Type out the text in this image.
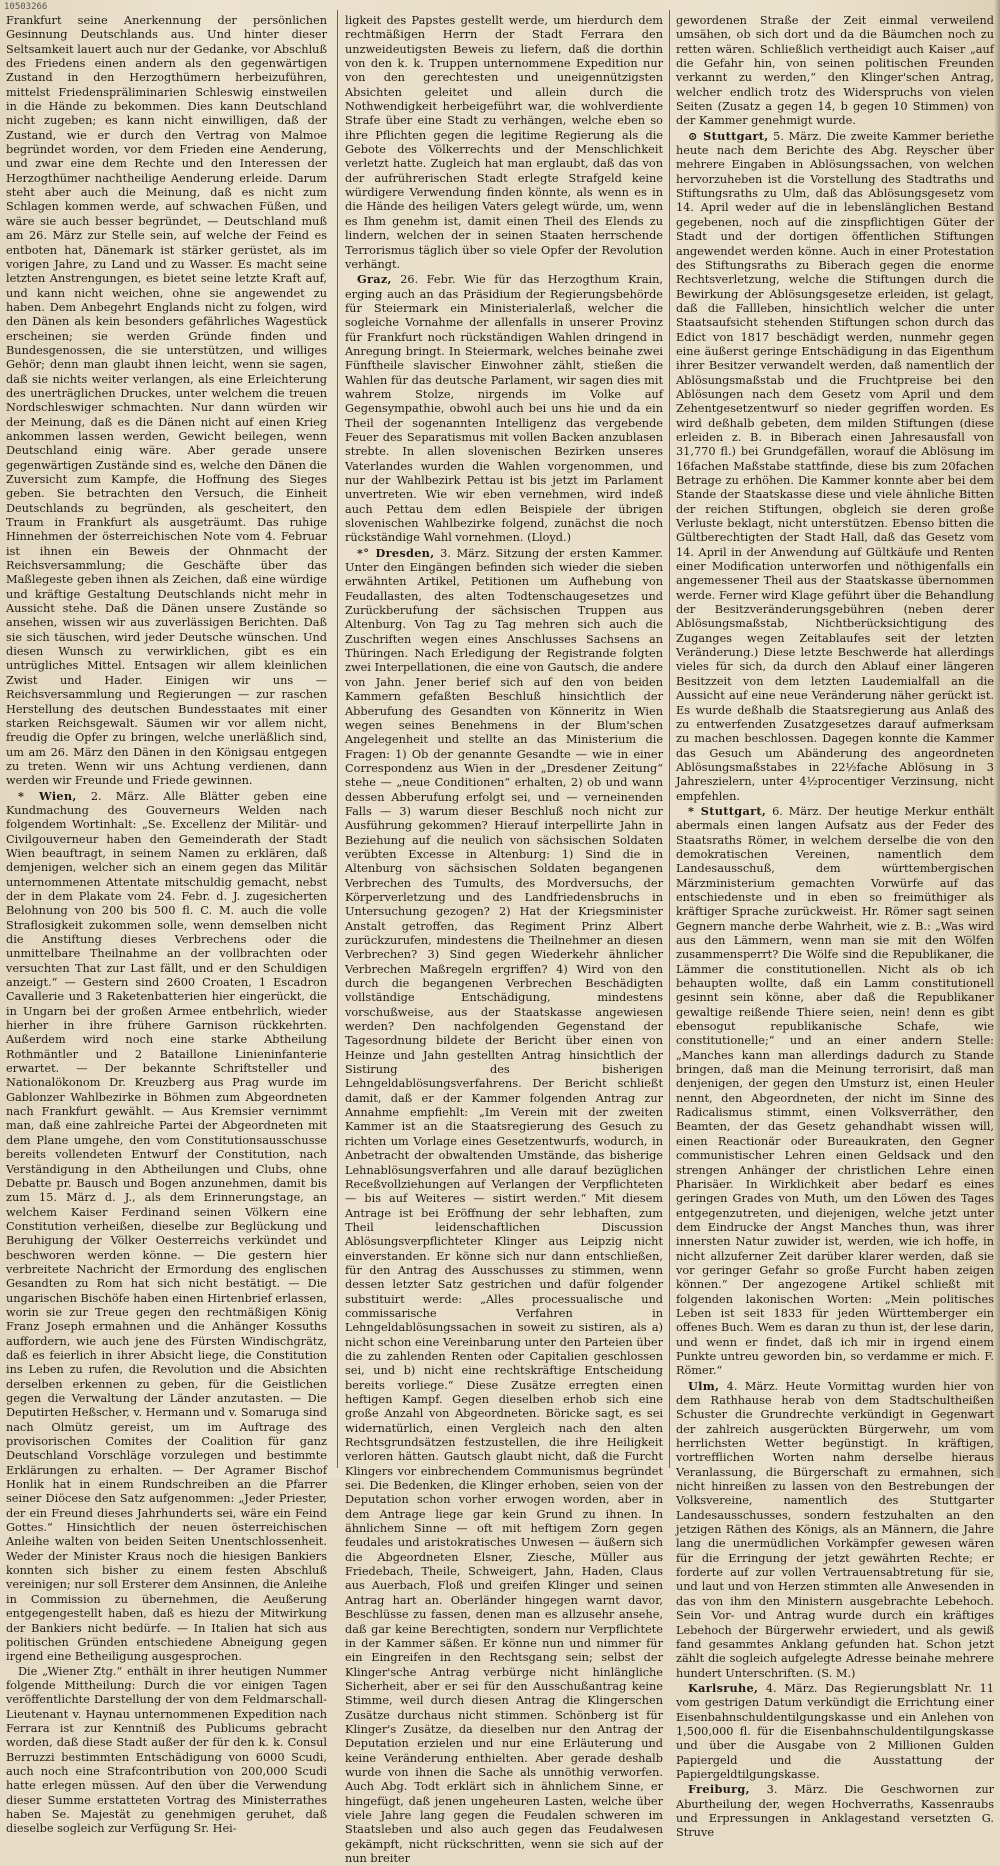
10503266

Frankfurt seine Anerkennung der persönlichen Gesinnung Deutschlands aus. Und hinter dieser Seltsamkeit lauert auch nur der Gedanke, vor Abschluß des Friedens einen andern als den gegenwärtigen Zustand in den Herzogthümern herbeizuführen, mittelst Friedenspräliminarien Schleswig einstweilen in die Hände zu bekommen. Dies kann Deutschland nicht zugeben; es kann nicht einwilligen, daß der Zustand, wie er durch den Vertrag von Malmoe begründet worden, vor dem Frieden eine Aenderung, und zwar eine dem Rechte und den Interessen der Herzogthümer nachtheilige Aenderung erleide. Darum steht aber auch die Meinung, daß es nicht zum Schlagen kommen werde, auf schwachen Füßen, und wäre sie auch besser begründet, — Deutschland muß am 26. März zur Stelle sein, auf welche der Feind es entboten hat, Dänemark ist stärker gerüstet, als im vorigen Jahre, zu Land und zu Wasser. Es macht seine letzten Anstrengungen, es bietet seine letzte Kraft auf, und kann nicht weichen, ohne sie angewendet zu haben. Dem Anbegehrt Englands nicht zu folgen, wird den Dänen als kein besonders gefährliches Wagestück erscheinen; sie werden Gründe finden und Bundesgenossen, die sie unterstützen, und williges Gehör; denn man glaubt ihnen leicht, wenn sie sagen, daß sie nichts weiter verlangen, als eine Erleichterung des unerträglichen Druckes, unter welchem die treuen Nordschleswiger schmachten. Nur dann würden wir der Meinung, daß es die Dänen nicht auf einen Krieg ankommen lassen werden, Gewicht beilegen, wenn Deutschland einig wäre. Aber gerade unsere gegenwärtigen Zustände sind es, welche den Dänen die Zuversicht zum Kampfe, die Hoffnung des Sieges geben. Sie betrachten den Versuch, die Einheit Deutschlands zu begründen, als gescheitert, den Traum in Frankfurt als ausgeträumt. Das ruhige Hinnehmen der österreichischen Note vom 4. Februar ist ihnen ein Beweis der Ohnmacht der Reichsversammlung; die Geschäfte über das Maßlegeste geben ihnen als Zeichen, daß eine würdige und kräftige Gestaltung Deutschlands nicht mehr in Aussicht stehe. Daß die Dänen unsere Zustände so ansehen, wissen wir aus zuverlässigen Berichten. Daß sie sich täuschen, wird jeder Deutsche wünschen. Und diesen Wunsch zu verwirklichen, gibt es ein untrügliches Mittel. Entsagen wir allem kleinlichen Zwist und Hader. Einigen wir uns — Reichsversammlung und Regierungen — zur raschen Herstellung des deutschen Bundesstaates mit einer starken Reichsgewalt. Säumen wir vor allem nicht, freudig die Opfer zu bringen, welche unerläßlich sind, um am 26. März den Dänen in den Königsau entgegen zu treten. Wenn wir uns Achtung verdienen, dann werden wir Freunde und Friede gewinnen.

* Wien, 2. März. Alle Blätter geben eine Kundmachung des Gouverneurs Welden nach folgendem Wortinhalt: „Se. Excellenz der Militär- und Civilgouverneur haben den Gemeinderath der Stadt Wien beauftragt, in seinem Namen zu erklären, daß demjenigen, welcher sich an einem gegen das Militär unternommenen Attentate mitschuldig gemacht, nebst der in dem Plakate vom 24. Febr. d. J. zugesicherten Belohnung von 200 bis 500 fl. C. M. auch die volle Straflosigkeit zukommen solle, wenn demselben nicht die Anstiftung dieses Verbrechens oder die unmittelbare Theilnahme an der vollbrachten oder versuchten That zur Last fällt, und er den Schuldigen anzeigt.“ — Gestern sind 2600 Croaten, 1 Escadron Cavallerie und 3 Raketenbatterien hier eingerückt, die in Ungarn bei der großen Armee entbehrlich, wieder hierher in ihre frühere Garnison rückkehrten. Außerdem wird noch eine starke Abtheilung Rothmäntler und 2 Bataillone Linieninfanterie erwartet. — Der bekannte Schriftsteller und Nationalökonom Dr. Kreuzberg aus Prag wurde im Gablonzer Wahlbezirke in Böhmen zum Abgeordneten nach Frankfurt gewählt. — Aus Kremsier vernimmt man, daß eine zahlreiche Partei der Abgeordneten mit dem Plane umgehe, den vom Constitutionsausschusse bereits vollendeten Entwurf der Constitution, nach Verständigung in den Abtheilungen und Clubs, ohne Debatte pr. Bausch und Bogen anzunehmen, damit bis zum 15. März d. J., als dem Erinnerungstage, an welchem Kaiser Ferdinand seinen Völkern eine Constitution verheißen, dieselbe zur Beglückung und Beruhigung der Völker Oesterreichs verkündet und beschworen werden könne. — Die gestern hier verbreitete Nachricht der Ermordung des englischen Gesandten zu Rom hat sich nicht bestätigt. — Die ungarischen Bischöfe haben einen Hirtenbrief erlassen, worin sie zur Treue gegen den rechtmäßigen König Franz Joseph ermahnen und die Anhänger Kossuths auffordern, wie auch jene des Fürsten Windischgrätz, daß es feierlich in ihrer Absicht liege, die Constitution ins Leben zu rufen, die Revolution und die Absichten derselben erkennen zu geben, für die Geistlichen gegen die Verwaltung der Länder anzutasten. — Die Deputirten Heßscher, v. Hermann und v. Somaruga sind nach Olmütz gereist, um im Auftrage des provisorischen Comites der Coalition für ganz Deutschland Vorschläge vorzulegen und bestimmte Erklärungen zu erhalten. — Der Agramer Bischof Honlik hat in einem Rundschreiben an die Pfarrer seiner Diöcese den Satz aufgenommen: „Jeder Priester, der ein Freund dieses Jahrhunderts sei, wäre ein Feind Gottes.“ Hinsichtlich der neuen österreichischen Anleihe walten von beiden Seiten Unentschlossenheit. Weder der Minister Kraus noch die hiesigen Bankiers konnten sich bisher zu einem festen Abschluß vereinigen; nur soll Ersterer dem Ansinnen, die Anleihe in Commission zu übernehmen, die Aeußerung entgegengestellt haben, daß es hiezu der Mitwirkung der Bankiers nicht bedürfe. — In Italien hat sich aus politischen Gründen entschiedene Abneigung gegen irgend eine Betheiligung ausgesprochen.

Die „Wiener Ztg.“ enthält in ihrer heutigen Nummer folgende Mittheilung: Durch die vor einigen Tagen veröffentlichte Darstellung der von dem Feldmarschall-Lieutenant v. Haynau unternommenen Expedition nach Ferrara ist zur Kenntniß des Publicums gebracht worden, daß diese Stadt außer der für den k. k. Consul Berruzzi bestimmten Entschädigung von 6000 Scudi, auch noch eine Strafcontribution von 200,000 Scudi hatte erlegen müssen. Auf den über die Verwendung dieser Summe erstatteten Vortrag des Ministerrathes haben Se. Majestät zu genehmigen geruhet, daß dieselbe sogleich zur Verfügung Sr. Hei-

ligkeit des Papstes gestellt werde, um hierdurch dem rechtmäßigen Herrn der Stadt Ferrara den unzweideutigsten Beweis zu liefern, daß die dorthin von den k. k. Truppen unternommene Expedition nur von den gerechtesten und uneigennützigsten Absichten geleitet und allein durch die Nothwendigkeit herbeigeführt war, die wohlverdiente Strafe über eine Stadt zu verhängen, welche eben so ihre Pflichten gegen die legitime Regierung als die Gebote des Völkerrechts und der Menschlichkeit verletzt hatte. Zugleich hat man erglaubt, daß das von der aufrührerischen Stadt erlegte Strafgeld keine würdigere Verwendung finden könnte, als wenn es in die Hände des heiligen Vaters gelegt würde, um, wenn es Ihm genehm ist, damit einen Theil des Elends zu lindern, welchen der in seinen Staaten herrschende Terrorismus täglich über so viele Opfer der Revolution verhängt.

Graz, 26. Febr. Wie für das Herzogthum Krain, erging auch an das Präsidium der Regierungsbehörde für Steiermark ein Ministerialerlaß, welcher die sogleiche Vornahme der allenfalls in unserer Provinz für Frankfurt noch rückständigen Wahlen dringend in Anregung bringt. In Steiermark, welches beinahe zwei Fünftheile slavischer Einwohner zählt, stießen die Wahlen für das deutsche Parlament, wir sagen dies mit wahrem Stolze, nirgends im Volke auf Gegensympathie, obwohl auch bei uns hie und da ein Theil der sogenannten Intelligenz das vergebende Feuer des Separatismus mit vollen Backen anzublasen strebte. In allen slovenischen Bezirken unseres Vaterlandes wurden die Wahlen vorgenommen, und nur der Wahlbezirk Pettau ist bis jetzt im Parlament unvertreten. Wie wir eben vernehmen, wird indeß auch Pettau dem edlen Beispiele der übrigen slovenischen Wahlbezirke folgend, zunächst die noch rückständige Wahl vornehmen. (Lloyd.)

*° Dresden, 3. März. Sitzung der ersten Kammer. Unter den Eingängen befinden sich wieder die sieben erwähnten Artikel, Petitionen um Aufhebung von Feudallasten, des alten Todtenschaugesetzes und Zurückberufung der sächsischen Truppen aus Altenburg. Von Tag zu Tag mehren sich auch die Zuschriften wegen eines Anschlusses Sachsens an Thüringen. Nach Erledigung der Registrande folgten zwei Interpellationen, die eine von Gautsch, die andere von Jahn. Jener berief sich auf den von beiden Kammern gefaßten Beschluß hinsichtlich der Abberufung des Gesandten von Könneritz in Wien wegen seines Benehmens in der Blum'schen Angelegenheit und stellte an das Ministerium die Fragen: 1) Ob der genannte Gesandte — wie in einer Correspondenz aus Wien in der „Dresdener Zeitung“ stehe — „neue Conditionen“ erhalten, 2) ob und wann dessen Abberufung erfolgt sei, und — verneinenden Falls — 3) warum dieser Beschluß noch nicht zur Ausführung gekommen? Hierauf interpellirte Jahn in Beziehung auf die neulich von sächsischen Soldaten verübten Excesse in Altenburg: 1) Sind die in Altenburg von sächsischen Soldaten begangenen Verbrechen des Tumults, des Mordversuchs, der Körperverletzung und des Landfriedensbruchs in Untersuchung gezogen? 2) Hat der Kriegsminister Anstalt getroffen, das Regiment Prinz Albert zurückzurufen, mindestens die Theilnehmer an diesen Verbrechen? 3) Sind gegen Wiederkehr ähnlicher Verbrechen Maßregeln ergriffen? 4) Wird von den durch die begangenen Verbrechen Beschädigten vollständige Entschädigung, mindestens vorschußweise, aus der Staatskasse angewiesen werden? Den nachfolgenden Gegenstand der Tagesordnung bildete der Bericht über einen von Heinze und Jahn gestellten Antrag hinsichtlich der Sistirung des bisherigen Lehngeldablösungsverfahrens. Der Bericht schließt damit, daß er der Kammer folgenden Antrag zur Annahme empfiehlt: „Im Verein mit der zweiten Kammer ist an die Staatsregierung des Gesuch zu richten um Vorlage eines Gesetzentwurfs, wodurch, in Anbetracht der obwaltenden Umstände, das bisherige Lehnablösungsverfahren und alle darauf bezüglichen Receßvollziehungen auf Verlangen der Verpflichteten — bis auf Weiteres — sistirt werden.“ Mit diesem Antrage ist bei Eröffnung der sehr lebhaften, zum Theil leidenschaftlichen Discussion Ablösungsverpflichteter Klinger aus Leipzig nicht einverstanden. Er könne sich nur dann entschließen, für den Antrag des Ausschusses zu stimmen, wenn dessen letzter Satz gestrichen und dafür folgender substituirt werde: „Alles processualische und commissarische Verfahren in Lehngeldablösungssachen in soweit zu sistiren, als a) nicht schon eine Vereinbarung unter den Parteien über die zu zahlenden Renten oder Capitalien geschlossen sei, und b) nicht eine rechtskräftige Entscheidung bereits vorliege.“ Diese Zusätze erregten einen heftigen Kampf. Gegen dieselben erhob sich eine große Anzahl von Abgeordneten. Böricke sagt, es sei widernatürlich, einen Vergleich nach den alten Rechtsgrundsätzen festzustellen, die ihre Heiligkeit verloren hätten. Gautsch glaubt nicht, daß die Furcht Klingers vor einbrechendem Communismus begründet sei. Die Bedenken, die Klinger erhoben, seien von der Deputation schon vorher erwogen worden, aber in dem Antrage liege gar kein Grund zu ihnen. In ähnlichem Sinne — oft mit heftigem Zorn gegen feudales und aristokratisches Unwesen — äußern sich die Abgeordneten Elsner, Ziesche, Müller aus Friedebach, Theile, Schweigert, Jahn, Haden, Claus aus Auerbach, Floß und greifen Klinger und seinen Antrag hart an. Oberländer hingegen warnt davor, Beschlüsse zu fassen, denen man es allzusehr ansehe, daß gar keine Berechtigten, sondern nur Verpflichtete in der Kammer säßen. Er könne nun und nimmer für ein Eingreifen in den Rechtsgang sein; selbst der Klinger'sche Antrag verbürge nicht hinlängliche Sicherheit, aber er sei für den Ausschußantrag keine Stimme, weil durch diesen Antrag die Klingerschen Zusätze durchaus nicht stimmen. Schönberg ist für Klinger's Zusätze, da dieselben nur den Antrag der Deputation erzielen und nur eine Erläuterung und keine Veränderung enthielten. Aber gerade deshalb wurde von ihnen die Sache als unnöthig verworfen. Auch Abg. Todt erklärt sich in ähnlichem Sinne, er hingefügt, daß jenen ungeheuren Lasten, welche über viele Jahre lang gegen die Feudalen schweren im Staatsleben und also auch gegen das Feudalwesen gekämpft, nicht rückschritten, wenn sie sich auf der nun breiter

gewordenen Straße der Zeit einmal verweilend umsähen, ob sich dort und da die Bäumchen noch zu retten wären. Schließlich vertheidigt auch Kaiser „auf die Gefahr hin, von seinen politischen Freunden verkannt zu werden,“ den Klinger'schen Antrag, welcher endlich trotz des Widerspruchs von vielen Seiten (Zusatz a gegen 14, b gegen 10 Stimmen) von der Kammer genehmigt wurde.

⊙ Stuttgart, 5. März. Die zweite Kammer beriethe heute nach dem Berichte des Abg. Reyscher über mehrere Eingaben in Ablösungssachen, von welchen hervorzuheben ist die Vorstellung des Stadtraths und Stiftungsraths zu Ulm, daß das Ablösungsgesetz vom 14. April weder auf die in lebenslänglichen Bestand gegebenen, noch auf die zinspflichtigen Güter der Stadt und der dortigen öffentlichen Stiftungen angewendet werden könne. Auch in einer Protestation des Stiftungsraths zu Biberach gegen die enorme Rechtsverletzung, welche die Stiftungen durch die Bewirkung der Ablösungsgesetze erleiden, ist gelagt, daß die Fallleben, hinsichtlich welcher die unter Staatsaufsicht stehenden Stiftungen schon durch das Edict von 1817 beschädigt werden, nunmehr gegen eine äußerst geringe Entschädigung in das Eigenthum ihrer Besitzer verwandelt werden, daß namentlich der Ablösungsmaßstab und die Fruchtpreise bei den Ablösungen nach dem Gesetz vom April und dem Zehentgesetzentwurf so nieder gegriffen worden. Es wird deßhalb gebeten, dem milden Stiftungen (diese erleiden z. B. in Biberach einen Jahresausfall von 31,770 fl.) bei Grundgefällen, worauf die Ablösung im 16fachen Maßstabe stattfinde, diese bis zum 20fachen Betrage zu erhöhen. Die Kammer konnte aber bei dem Stande der Staatskasse diese und viele ähnliche Bitten der reichen Stiftungen, obgleich sie deren große Verluste beklagt, nicht unterstützen. Ebenso bitten die Gültberechtigten der Stadt Hall, daß das Gesetz vom 14. April in der Anwendung auf Gültkäufe und Renten einer Modification unterworfen und nöthigenfalls ein angemessener Theil aus der Staatskasse übernommen werde. Ferner wird Klage geführt über die Behandlung der Besitzveränderungsgebühren (neben derer Ablösungsmaßstab, Nichtberücksichtigung des Zuganges wegen Zeitablaufes seit der letzten Veränderung.) Diese letzte Beschwerde hat allerdings vieles für sich, da durch den Ablauf einer längeren Besitzzeit von dem letzten Laudemialfall an die Aussicht auf eine neue Veränderung näher gerückt ist. Es wurde deßhalb die Staatsregierung aus Anlaß des zu entwerfenden Zusatzgesetzes darauf aufmerksam zu machen beschlossen. Dagegen konnte die Kammer das Gesuch um Abänderung des angeordneten Ablösungsmaßstabes in 22½fache Ablösung in 3 Jahreszielern, unter 4½procentiger Verzinsung, nicht empfehlen.

* Stuttgart, 6. März. Der heutige Merkur enthält abermals einen langen Aufsatz aus der Feder des Staatsraths Römer, in welchem derselbe die von den demokratischen Vereinen, namentlich dem Landesausschuß, dem württembergischen Märzministerium gemachten Vorwürfe auf das entschiedenste und in eben so freimüthiger als kräftiger Sprache zurückweist. Hr. Römer sagt seinen Gegnern manche derbe Wahrheit, wie z. B.: „Was wird aus den Lämmern, wenn man sie mit den Wölfen zusammensperrt? Die Wölfe sind die Republikaner, die Lämmer die constitutionellen. Nicht als ob ich behaupten wollte, daß ein Lamm constitutionell gesinnt sein könne, aber daß die Republikaner gewaltige reißende Thiere seien, nein! denn es gibt ebensogut republikanische Schafe, wie constitutionelle;“ und an einer andern Stelle: „Manches kann man allerdings dadurch zu Stande bringen, daß man die Meinung terrorisirt, daß man denjenigen, der gegen den Umsturz ist, einen Heuler nennt, den Abgeordneten, der nicht im Sinne des Radicalismus stimmt, einen Volksverräther, den Beamten, der das Gesetz gehandhabt wissen will, einen Reactionär oder Bureaukraten, den Gegner communistischer Lehren einen Geldsack und den strengen Anhänger der christlichen Lehre einen Pharisäer. In Wirklichkeit aber bedarf es eines geringen Grades von Muth, um den Löwen des Tages entgegenzutreten, und diejenigen, welche jetzt unter dem Eindrucke der Angst Manches thun, was ihrer innersten Natur zuwider ist, werden, wie ich hoffe, in nicht allzuferner Zeit darüber klarer werden, daß sie vor geringer Gefahr so große Furcht haben zeigen können.“ Der angezogene Artikel schließt mit folgenden lakonischen Worten: „Mein politisches Leben ist seit 1833 für jeden Württemberger ein offenes Buch. Wem es daran zu thun ist, der lese darin, und wenn er findet, daß ich mir in irgend einem Punkte untreu geworden bin, so verdamme er mich. F. Römer.“

Ulm, 4. März. Heute Vormittag wurden hier von dem Rathhause herab von dem Stadtschultheißen Schuster die Grundrechte verkündigt in Gegenwart der zahlreich ausgerückten Bürgerwehr, um vom herrlichsten Wetter begünstigt. In kräftigen, vortrefflichen Worten nahm derselbe hieraus Veranlassung, die Bürgerschaft zu ermahnen, sich nicht hinreißen zu lassen von den Bestrebungen der Volksvereine, namentlich des Stuttgarter Landesausschusses, sondern festzuhalten an den jetzigen Räthen des Königs, als an Männern, die Jahre lang die unermüdlichen Vorkämpfer gewesen wären für die Erringung der jetzt gewährten Rechte; er forderte auf zur vollen Vertrauensabtretung für sie, und laut und von Herzen stimmten alle Anwesenden in das von ihm den Ministern ausgebrachte Lebehoch. Sein Vor- und Antrag wurde durch ein kräftiges Lebehoch der Bürgerwehr erwiedert, und als gewiß fand gesammtes Anklang gefunden hat. Schon jetzt zählt die sogleich aufgelegte Adresse beinahe mehrere hundert Unterschriften. (S. M.)

Karlsruhe, 4. März. Das Regierungsblatt Nr. 11 vom gestrigen Datum verkündigt die Errichtung einer Eisenbahnschuldentilgungskasse und ein Anlehen von 1,500,000 fl. für die Eisenbahnschuldentilgungskasse und über die Ausgabe von 2 Millionen Gulden Papiergeld und die Ausstattung der Papiergeldtilgungskasse.

Freiburg, 3. März. Die Geschwornen zur Aburtheilung der, wegen Hochverraths, Kassenraubs und Erpressungen in Anklagestand versetzten G. Struve
